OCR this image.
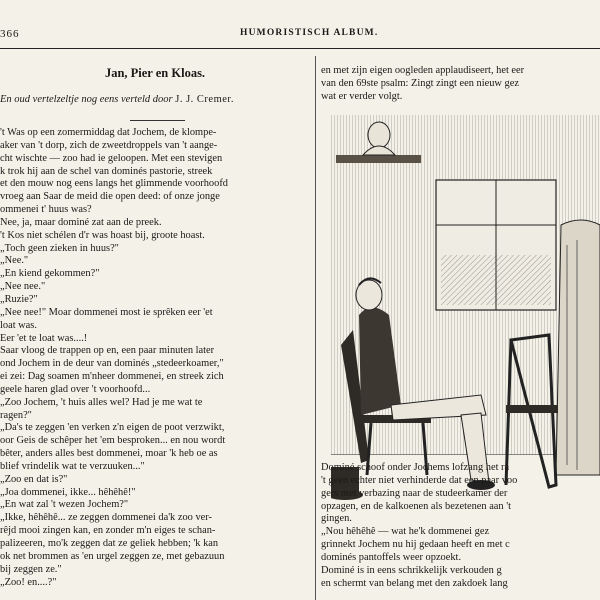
366	HUMORISTISCH ALBUM.
Jan, Pier en Kloas.
En oud vertelzeltje nog eens verteld door J. J. Cremer.
't Was op een zomermiddag dat Jochem, de klompe-
aker van 't dorp, zich de zweetdroppels van 't aange-
cht wischte — zoo had ie geloopen. Met een stevigen
k trok hij aan de schel van dominés pastorie, streek
et den mouw nog eens langs het glimmende voorhoofd
vroeg aan Saar de meid die open deed: of onze jonge
ommenei t' huus was?
Nee, ja, maar dominé zat aan de preek.
't Kos niet schélen d'r was hoast bij, groote hoast.
„Toch geen zieken in huus?"
„Nee."
„En kiend gekommen?"
„Nee nee."
„Ruzie?"
„Nee nee!" Moar dommenei most ie sprêken eer 'et
loat was.
Eer 'et te loat was....!
Saar vloog de trappen op en, een paar minuten later
ond Jochem in de deur van dominés „stedeerkoamer,"
ei zei: Dag soamen m'nheer dommenei, en streek zich
geele haren glad over 't voorhoofd...
„Zoo Jochem, 't huis alles wel? Had je me wat te
ragen?"
„Da's te zeggen 'en verken z'n eigen de poot verzwikt,
oor Geis de schêper het 'em besproken... en nou wordt
bêter, anders alles best dommenei, moar 'k heb oe as
blief vrindelik wat te verzuuken..."
„Zoo en dat is?"
„Joa dommenei, ikke... hêhêhê!"
„En wat zal 't wezen Jochem?"
„Ikke, hêhêhê... ze zeggen dommenei da'k zoo ver-
rêjd mooi zingen kan, en zonder m'n eiges te schan-
palizeeren, mo'k zeggen dat ze geliek hebben; 'k kan
ok net brommen as 'en urgel zeggen ze, met gebazuun
bij zeggen ze."
„Zoo! en....?"
en met zijn eigen oogleden applaudiseert, het eer
van den 69ste psalm: Zingt zingt een nieuw gez
wat er verder volgt.
Dominé schoof onder Jochems lofzang het ra
't geen echter niet verhinderde dat een paar voo
gers met verbazing naar de studeerkamer der
opzagen, en de kalkoenen als bezetenen aan 't
gingen.
„Nou hêhêhê — wat he'k dommenei gez
grinnekt Jochem nu hij gedaan heeft en met c
dominés pantoffels weer opzoekt.
Dominé is in eens schrikkelijk verkouden g
en schermt van belang met den zakdoek lang
